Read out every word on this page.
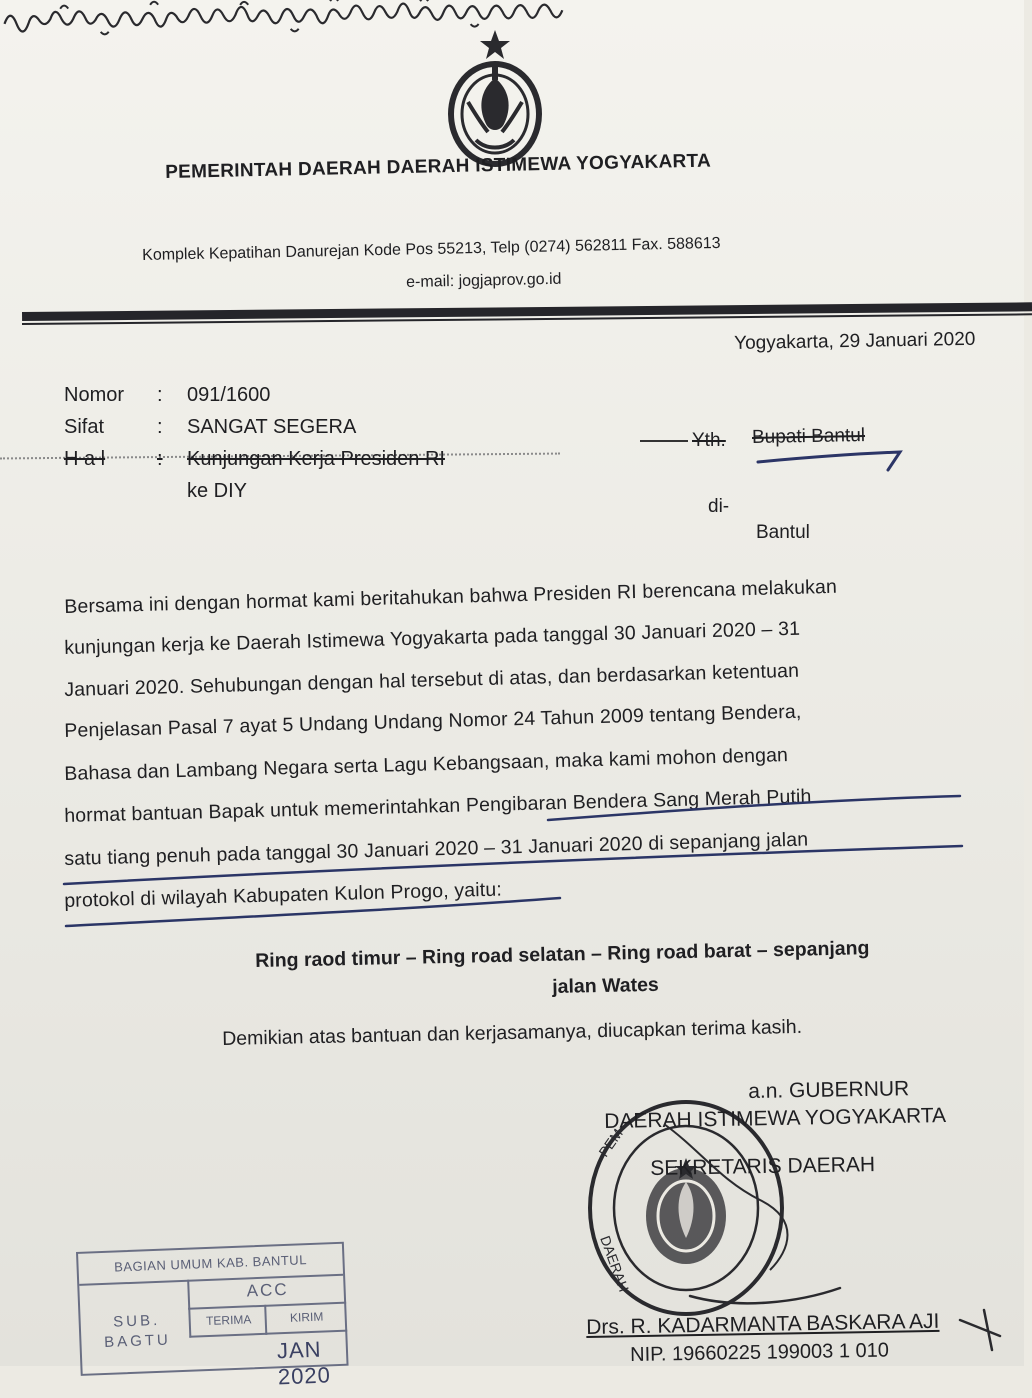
PEMERINTAH DAERAH DAERAH ISTIMEWA YOGYAKARTA
Komplek Kepatihan Danurejan Kode Pos 55213, Telp (0274) 562811 Fax. 588613
e-mail: jogjaprov.go.id
Yogyakarta, 29 Januari 2020
Nomor : 091/1600
Sifat	: SANGAT SEGERA
H a l	: Kunjungan Kerja Presiden RI
ke DIY
Yth. Bupati Bantul
di-
Bantul
Bersama ini dengan hormat kami beritahukan bahwa Presiden RI berencana melakukan
kunjungan kerja ke Daerah Istimewa Yogyakarta pada tanggal 30 Januari 2020 – 31
Januari 2020. Sehubungan dengan hal tersebut di atas, dan berdasarkan ketentuan
Penjelasan Pasal 7 ayat 5 Undang Undang Nomor 24 Tahun 2009 tentang Bendera,
Bahasa dan Lambang Negara serta Lagu Kebangsaan, maka kami mohon dengan
hormat bantuan Bapak untuk memerintahkan Pengibaran Bendera Sang Merah Putih
satu tiang penuh pada tanggal 30 Januari 2020 – 31 Januari 2020 di sepanjang jalan
protokol di wilayah Kabupaten Kulon Progo, yaitu:
Ring raod timur – Ring road selatan – Ring road barat – sepanjang
jalan Wates
Demikian atas bantuan dan kerjasamanya, diucapkan terima kasih.
PEM
DAERAH
a.n. GUBERNUR
DAERAH ISTIMEWA YOGYAKARTA
SEKRETARIS DAERAH
Drs. R. KADARMANTA BASKARA AJI
NIP. 19660225 199003 1 010
BAGIAN UMUM KAB. BANTUL
ACC
SUB.
BAGTU
TERIMA	KIRIM
JAN 2020
